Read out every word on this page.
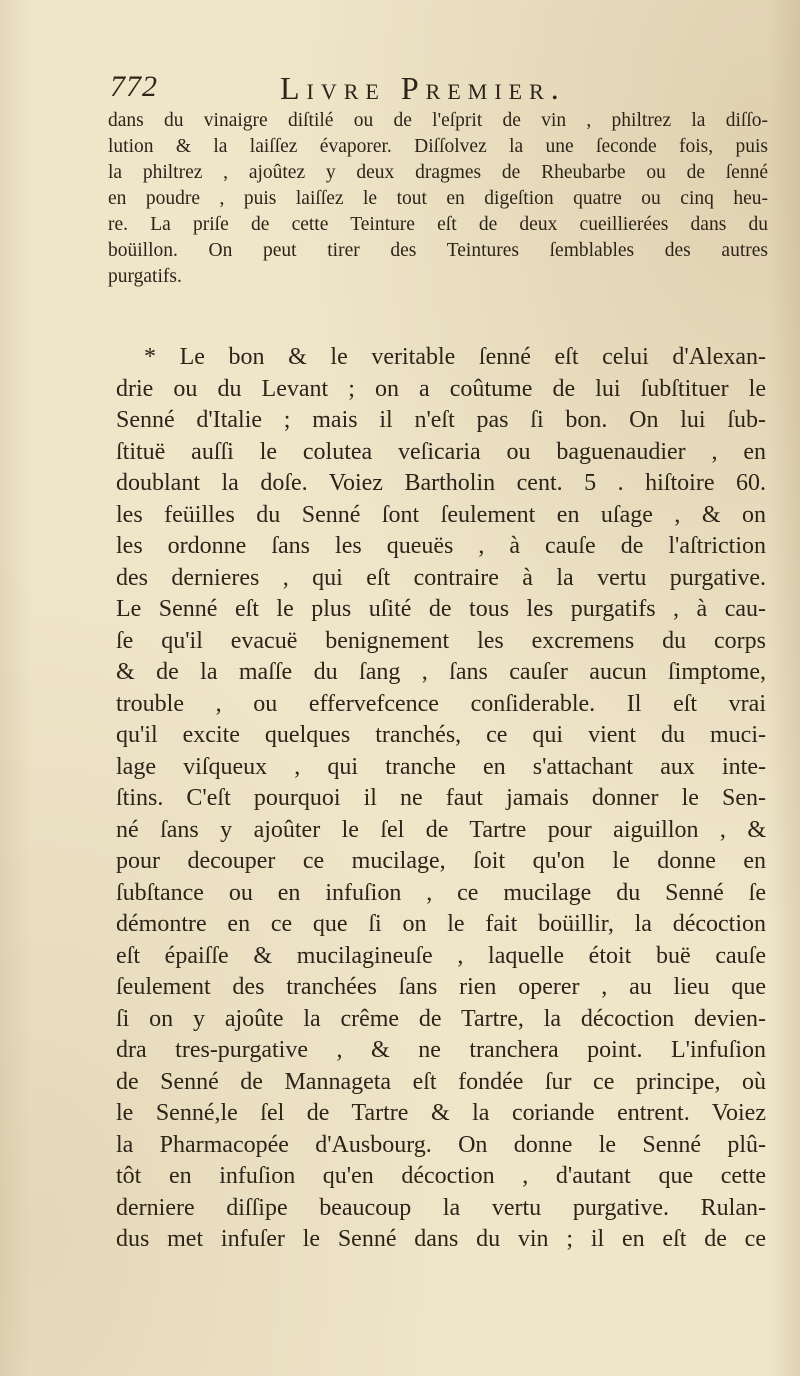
772	Livre Premier.
dans du vinaigre diſtilé ou de l'eſprit de vin , philtrez la diſſo-
lution & la laiſſez évaporer. Diſſolvez la une ſeconde fois, puis
la philtrez , ajoûtez y deux dragmes de Rheubarbe ou de ſenné
en poudre , puis laiſſez le tout en digeſtion quatre ou cinq heu-
re. La priſe de cette Teinture eſt de deux cueillierées dans du
boüillon. On peut tirer des Teintures ſemblables des autres
purgatifs.
* Le bon & le veritable ſenné eſt celui d'Alexan-
drie ou du Levant ; on a coûtume de lui ſubſtituer le
Senné d'Italie ; mais il n'eſt pas ſi bon. On lui ſub-
ſtituë auſſi le colutea veſicaria ou baguenaudier , en
doublant la doſe. Voiez Bartholin cent. 5 . hiſtoire 60.
les feüilles du Senné ſont ſeulement en uſage , & on
les ordonne ſans les queuës , à cauſe de l'aſtriction
des dernieres , qui eſt contraire à la vertu purgative.
Le Senné eſt le plus uſité de tous les purgatifs , à cau-
ſe qu'il evacuë benignement les excremens du corps
& de la maſſe du ſang , ſans cauſer aucun ſimptome,
trouble , ou effervefcence conſiderable. Il eſt vrai
qu'il excite quelques tranchés, ce qui vient du muci-
lage viſqueux , qui tranche en s'attachant aux inte-
ſtins. C'eſt pourquoi il ne faut jamais donner le Sen-
né ſans y ajoûter le ſel de Tartre pour aiguillon , &
pour decouper ce mucilage, ſoit qu'on le donne en
ſubſtance ou en infuſion , ce mucilage du Senné ſe
démontre en ce que ſi on le fait boüillir, la décoction
eſt épaiſſe & mucilagineuſe , laquelle étoit buë cauſe
ſeulement des tranchées ſans rien operer , au lieu que
ſi on y ajoûte la crême de Tartre, la décoction devien-
dra tres-purgative , & ne tranchera point. L'infuſion
de Senné de Mannageta eſt fondée ſur ce principe, où
le Senné,le ſel de Tartre & la coriande entrent. Voiez
la Pharmacopée d'Ausbourg. On donne le Senné plû-
tôt en infuſion qu'en décoction , d'autant que cette
derniere diſſipe beaucoup la vertu purgative. Rulan-
dus met infuſer le Senné dans du vin ; il en eſt de ce
